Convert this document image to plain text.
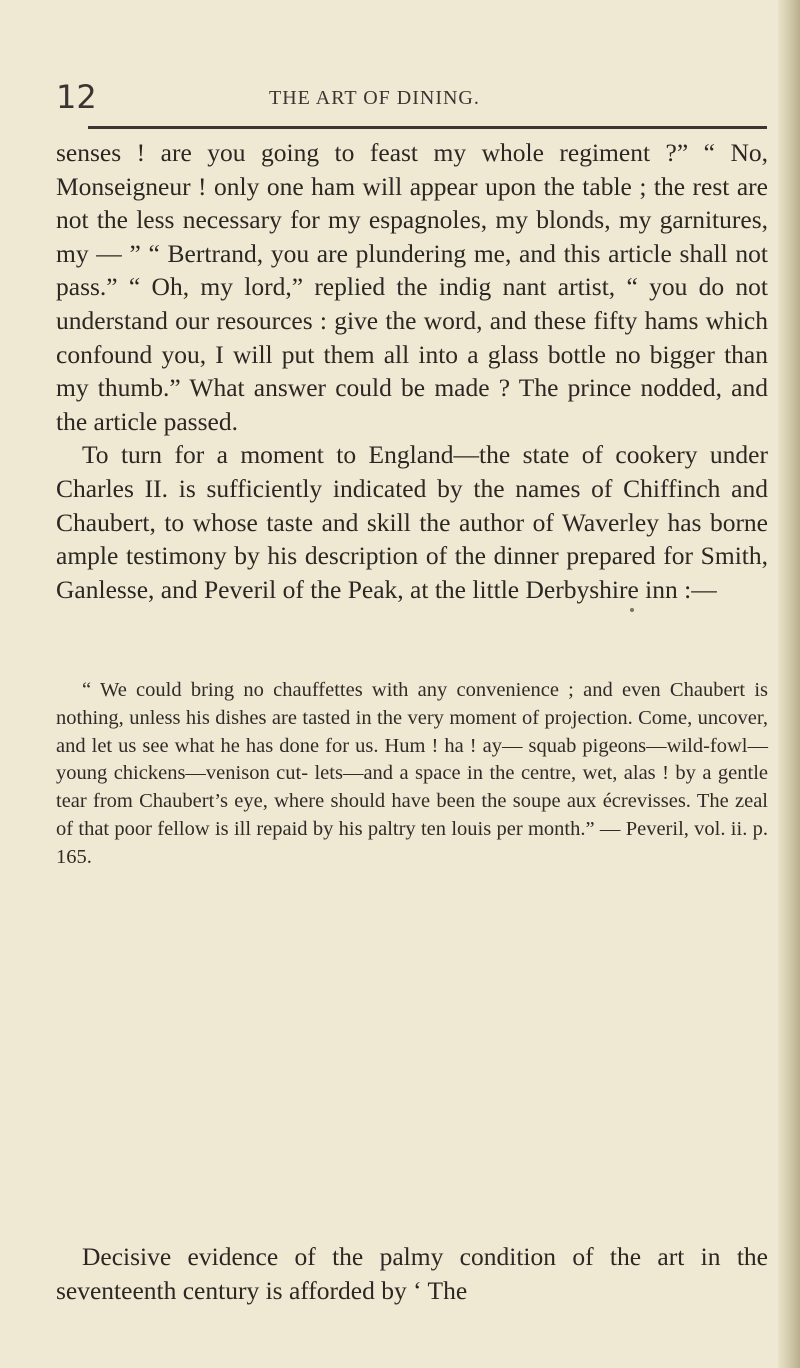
12	THE ART OF DINING.

senses ! are you going to feast my whole regiment ?” “ No, Monseigneur ! only one ham will appear upon the table ; the rest are not the less necessary for my espagnoles, my blonds, my garnitures, my — ” “ Bertrand, you are plundering me, and this article shall not pass.” “ Oh, my lord,” replied the indig nant artist, “ you do not understand our resources : give the word, and these fifty hams which confound you, I will put them all into a glass bottle no bigger than my thumb.” What answer could be made ? The prince nodded, and the article passed.

To turn for a moment to England—the state of cookery under Charles II. is sufficiently indicated by the names of Chiffinch and Chaubert, to whose taste and skill the author of Waverley has borne ample testimony by his description of the dinner prepared for Smith, Ganlesse, and Peveril of the Peak, at the little Derbyshire inn :—

“ We could bring no chauffettes with any convenience ; and even Chaubert is nothing, unless his dishes are tasted in the very moment of projection. Come, uncover, and let us see what he has done for us. Hum ! ha ! ay— squab pigeons—wild-fowl—young chickens—venison cut- lets—and a space in the centre, wet, alas ! by a gentle tear from Chaubert’s eye, where should have been the soupe aux écrevisses. The zeal of that poor fellow is ill repaid by his paltry ten louis per month.” — Peveril, vol. ii. p. 165.

Decisive evidence of the palmy condition of the art in the seventeenth century is afforded by ‘ The
